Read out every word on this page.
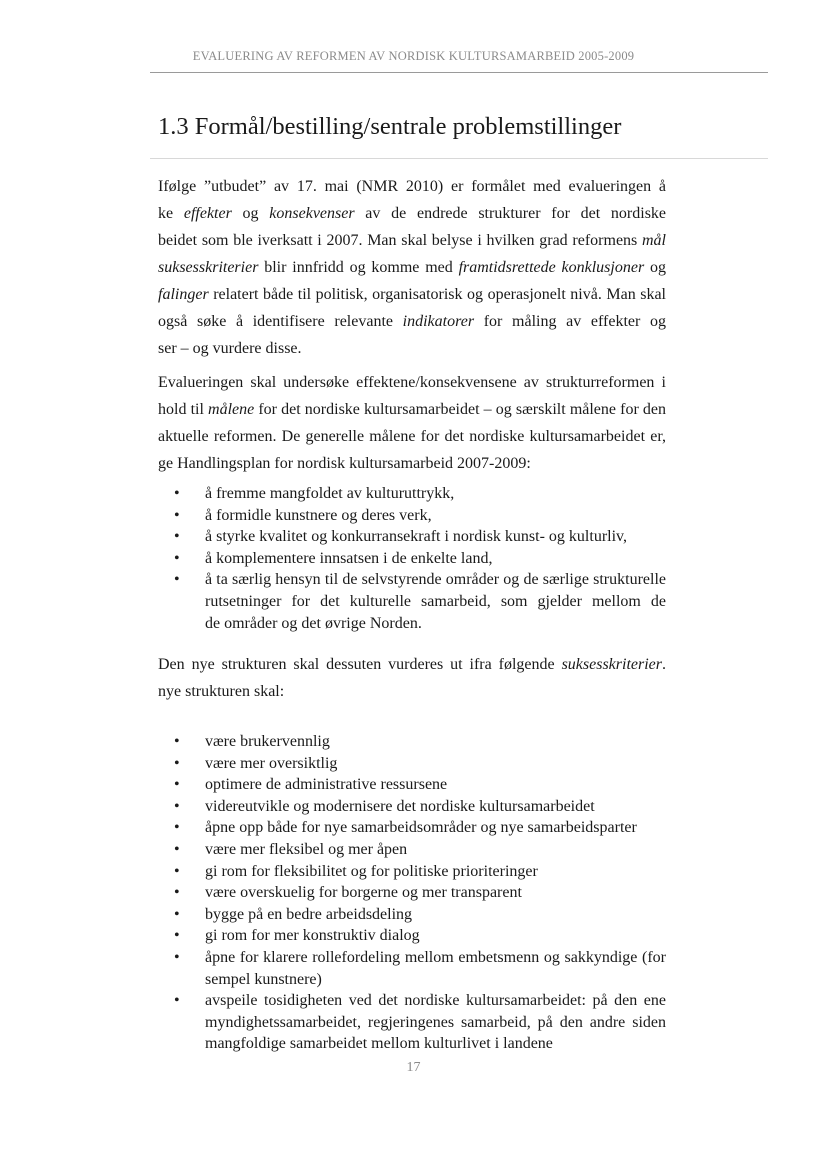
EVALUERING AV REFORMEN AV NORDISK KULTURSAMARBEID 2005-2009
1.3 Formål/bestilling/sentrale problemstillinger
Ifølge ”utbudet” av 17. mai (NMR 2010) er formålet med evalueringen å
ke effekter og konsekvenser av de endrede strukturer for det nordiske
beidet som ble iverksatt i 2007. Man skal belyse i hvilken grad reformens mål
suksesskriterier blir innfridd og komme med framtidsrettede konklusjoner og
falinger relatert både til politisk, organisatorisk og operasjonelt nivå. Man skal
også søke å identifisere relevante indikatorer for måling av effekter og
ser – og vurdere disse.
Evalueringen skal undersøke effektene/konsekvensene av strukturreformen i
hold til målene for det nordiske kultursamarbeidet – og særskilt målene for den
aktuelle reformen. De generelle målene for det nordiske kultursamarbeidet er,
ge Handlingsplan for nordisk kultursamarbeid 2007-2009:
• å fremme mangfoldet av kulturuttrykk,
• å formidle kunstnere og deres verk,
• å styrke kvalitet og konkurransekraft i nordisk kunst- og kulturliv,
• å komplementere innsatsen i de enkelte land,
• å ta særlig hensyn til de selvstyrende områder og de særlige strukturelle
rutsetninger for det kulturelle samarbeid, som gjelder mellom de
de områder og det øvrige Norden.
Den nye strukturen skal dessuten vurderes ut ifra følgende suksesskriterier.
nye strukturen skal:
• være brukervennlig
• være mer oversiktlig
• optimere de administrative ressursene
• videreutvikle og modernisere det nordiske kultursamarbeidet
• åpne opp både for nye samarbeidsområder og nye samarbeidsparter
• være mer fleksibel og mer åpen
• gi rom for fleksibilitet og for politiske prioriteringer
• være overskuelig for borgerne og mer transparent
• bygge på en bedre arbeidsdeling
• gi rom for mer konstruktiv dialog
• åpne for klarere rollefordeling mellom embetsmenn og sakkyndige (for
sempel kunstnere)
• avspeile tosidigheten ved det nordiske kultursamarbeidet: på den ene
myndighetssamarbeidet, regjeringenes samarbeid, på den andre siden
mangfoldige samarbeidet mellom kulturlivet i landene
17
